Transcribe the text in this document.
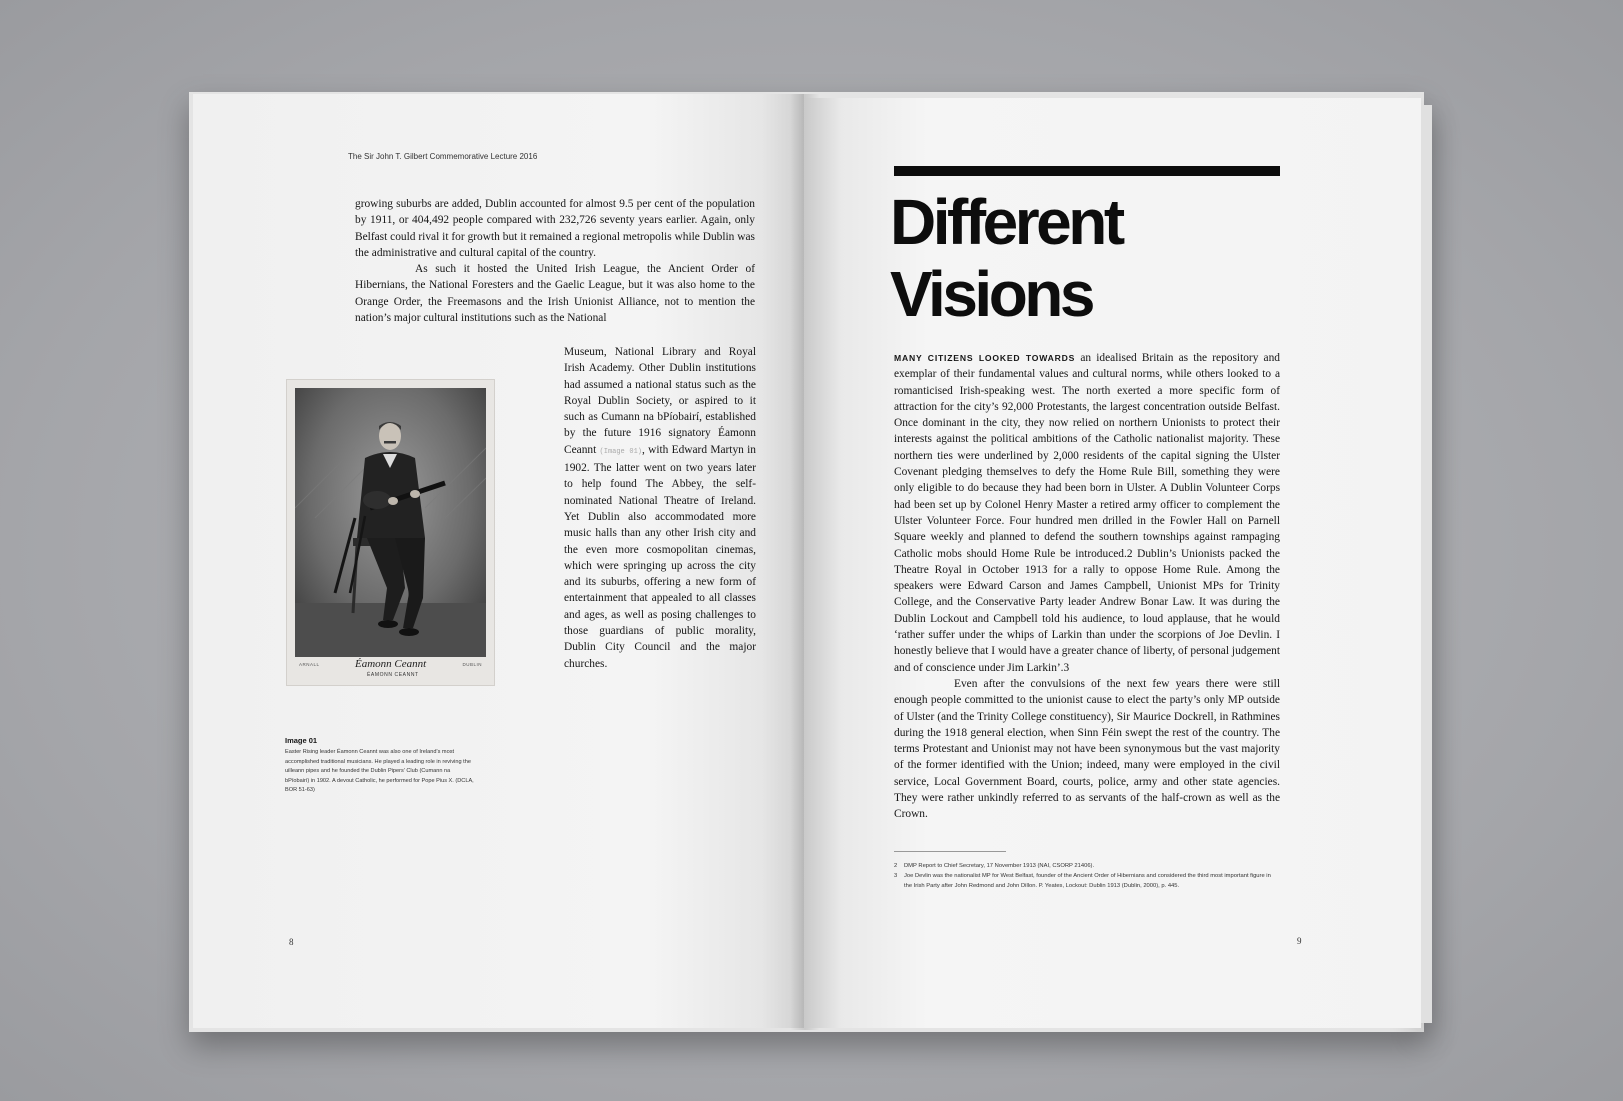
The Sir John T. Gilbert Commemorative Lecture 2016

growing suburbs are added, Dublin accounted for almost 9.5 per cent of the population by 1911, or 404,492 people compared with 232,726 seventy years earlier. Again, only Belfast could rival it for growth but it remained a regional metropolis while Dublin was the administrative and cultural capital of the country.

As such it hosted the United Irish League, the Ancient Order of Hibernians, the National Foresters and the Gaelic League, but it was also home to the Orange Order, the Freemasons and the Irish Unionist Alliance, not to mention the nation’s major cultural institutions such as the National

Museum, National Library and Royal Irish Academy. Other Dublin institutions had assumed a national status such as the Royal Dublin Society, or aspired to it such as Cumann na bPíobairí, established by the future 1916 signatory Éamonn Ceannt (Image 01), with Edward Martyn in 1902. The latter went on two years later to help found The Abbey, the self-nominated National Theatre of Ireland. Yet Dublin also accommodated more music halls than any other Irish city and the even more cosmopolitan cinemas, which were springing up across the city and its suburbs, offering a new form of entertainment that appealed to all classes and ages, as well as posing challenges to those guardians of public morality, Dublin City Council and the major churches.

ARNALL	Éamonn Ceannt
ÉAMONN CEANNT
DUBLIN
Image 01
Easter Rising leader Éamonn Ceannt was also one of Ireland’s most accomplished traditional musicians. He played a leading role in reviving the uilleann pipes and he founded the Dublin Pipers’ Club (Cumann na bPíobairí) in 1902. A devout Catholic, he performed for Pope Pius X. (DCLA, BOR 51-63)
8
Different
Visions

MANY CITIZENS LOOKED TOWARDS an idealised Britain as the repository and exemplar of their fundamental values and cultural norms, while others looked to a romanticised Irish-speaking west. The north exerted a more specific form of attraction for the city’s 92,000 Protestants, the largest concentration outside Belfast. Once dominant in the city, they now relied on northern Unionists to protect their interests against the political ambitions of the Catholic nationalist majority. These northern ties were underlined by 2,000 residents of the capital signing the Ulster Covenant pledging themselves to defy the Home Rule Bill, something they were only eligible to do because they had been born in Ulster. A Dublin Volunteer Corps had been set up by Colonel Henry Master a retired army officer to complement the Ulster Volunteer Force. Four hundred men drilled in the Fowler Hall on Parnell Square weekly and planned to defend the southern townships against rampaging Catholic mobs should Home Rule be introduced.2 Dublin’s Unionists packed the Theatre Royal in October 1913 for a rally to oppose Home Rule. Among the speakers were Edward Carson and James Campbell, Unionist MPs for Trinity College, and the Conservative Party leader Andrew Bonar Law. It was during the Dublin Lockout and Campbell told his audience, to loud applause, that he would ‘rather suffer under the whips of Larkin than under the scorpions of Joe Devlin. I honestly believe that I would have a greater chance of liberty, of personal judgement and of conscience under Jim Larkin’.3

Even after the convulsions of the next few years there were still enough people committed to the unionist cause to elect the party’s only MP outside of Ulster (and the Trinity College constituency), Sir Maurice Dockrell, in Rathmines during the 1918 general election, when Sinn Féin swept the rest of the country. The terms Protestant and Unionist may not have been synonymous but the vast majority of the former identified with the Union; indeed, many were employed in the civil service, Local Government Board, courts, police, army and other state agencies. They were rather unkindly referred to as servants of the half-crown as well as the Crown.

2 DMP Report to Chief Secretary, 17 November 1913 (NAI, CSORP 21406).
3 Joe Devlin was the nationalist MP for West Belfast, founder of the Ancient Order of Hibernians and considered the third most important figure in the Irish Party after John Redmond and John Dillon. P. Yeates, Lockout: Dublin 1913 (Dublin, 2000), p. 445.
9
